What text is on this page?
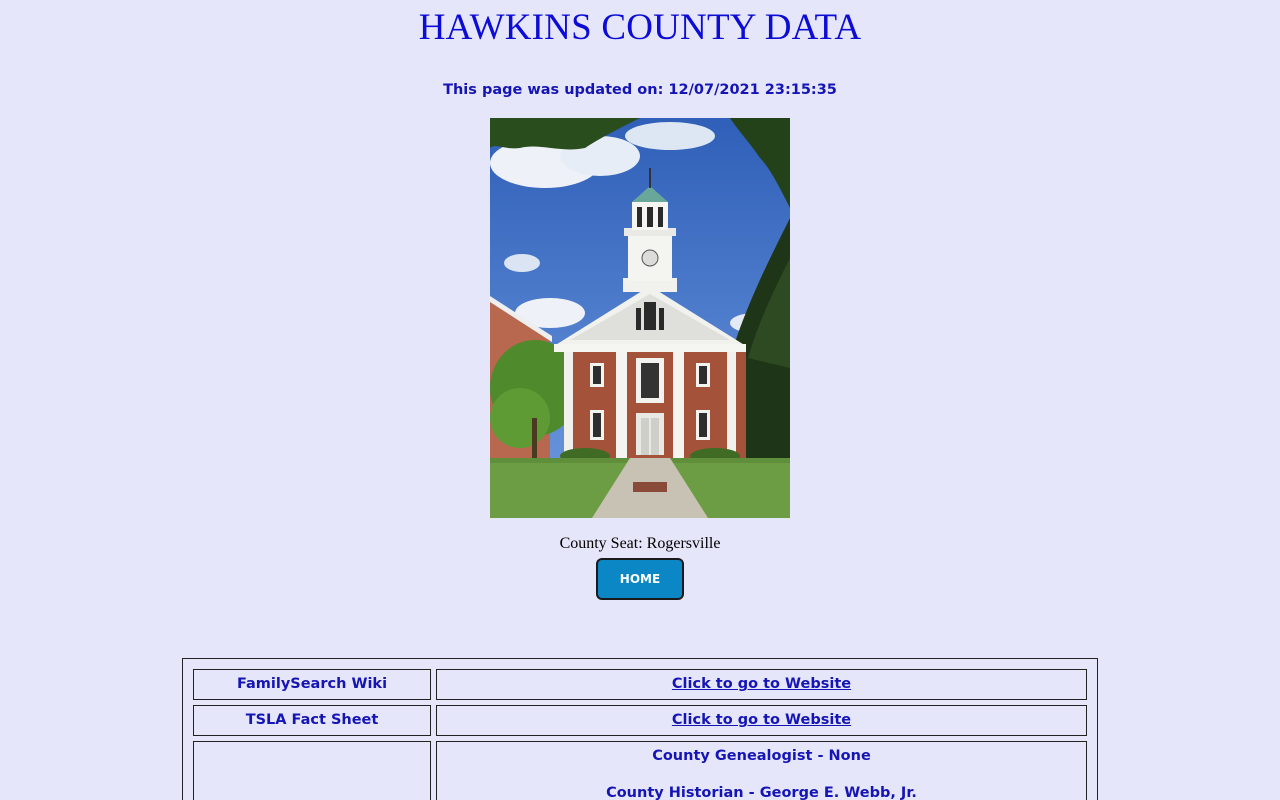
HAWKINS COUNTY DATA
This page was updated on: 12/07/2021 23:15:35
County Seat: Rogersville
HOME
FamilySearch Wiki	Click to go to Website
TSLA Fact Sheet	Click to go to Website
County Genealogist - None
County Historian - George E. Webb, Jr.
